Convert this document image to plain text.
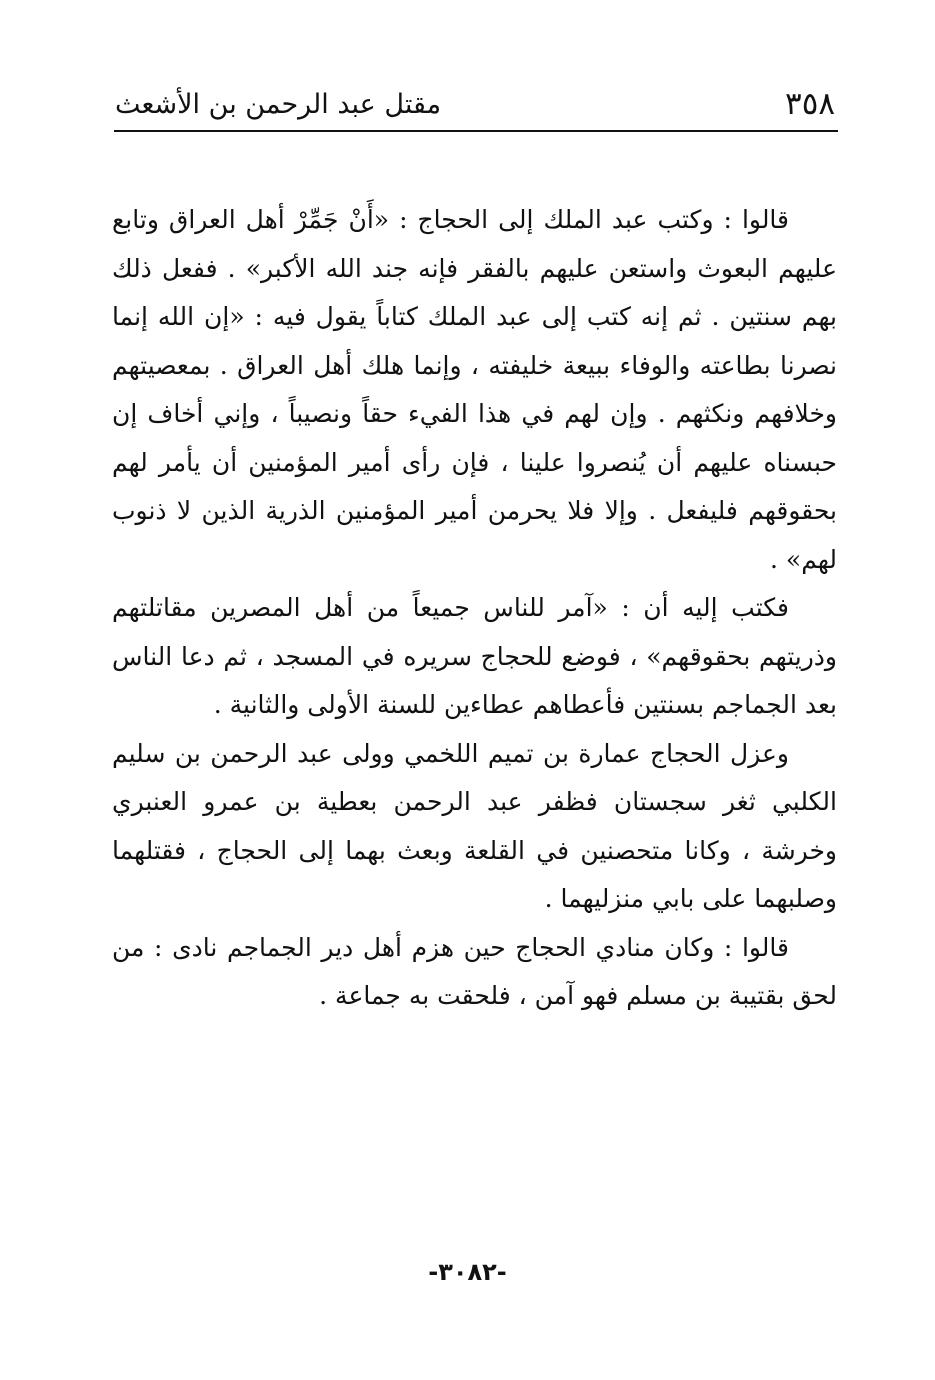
٣٥٨
مقتل عبد الرحمن بن الأشعث

قالوا : وكتب عبد الملك إلى الحجاج : «أَنْ جَمِّرْ أهل العراق وتابع عليهم البعوث واستعن عليهم بالفقر فإنه جند الله الأكبر» . ففعل ذلك بهم سنتين . ثم إنه كتب إلى عبد الملك كتاباً يقول فيه : «إن الله إنما نصرنا بطاعته والوفاء ببيعة خليفته ، وإنما هلك أهل العراق . بمعصيتهم وخلافهم ونكثهم . وإن لهم في هذا الفيء حقاً ونصيباً ، وإني أخاف إن حبسناه عليهم أن يُنصروا علينا ، فإن رأى أمير المؤمنين أن يأمر لهم بحقوقهم فليفعل . وإلا فلا يحرمن أمير المؤمنين الذرية الذين لا ذنوب لهم» .

فكتب إليه أن : «آمر للناس جميعاً من أهل المصرين مقاتلتهم وذريتهم بحقوقهم» ، فوضع للحجاج سريره في المسجد ، ثم دعا الناس بعد الجماجم بسنتين فأعطاهم عطاءين للسنة الأولى والثانية .

وعزل الحجاج عمارة بن تميم اللخمي وولى عبد الرحمن بن سليم الكلبي ثغر سجستان فظفر عبد الرحمن بعطية بن عمرو العنبري وخرشة ، وكانا متحصنين في القلعة وبعث بهما إلى الحجاج ، فقتلهما وصلبهما على بابي منزليهما .

قالوا : وكان منادي الحجاج حين هزم أهل دير الجماجم نادى : من لحق بقتيبة بن مسلم فهو آمن ، فلحقت به جماعة .

-٣٠٨٢-
